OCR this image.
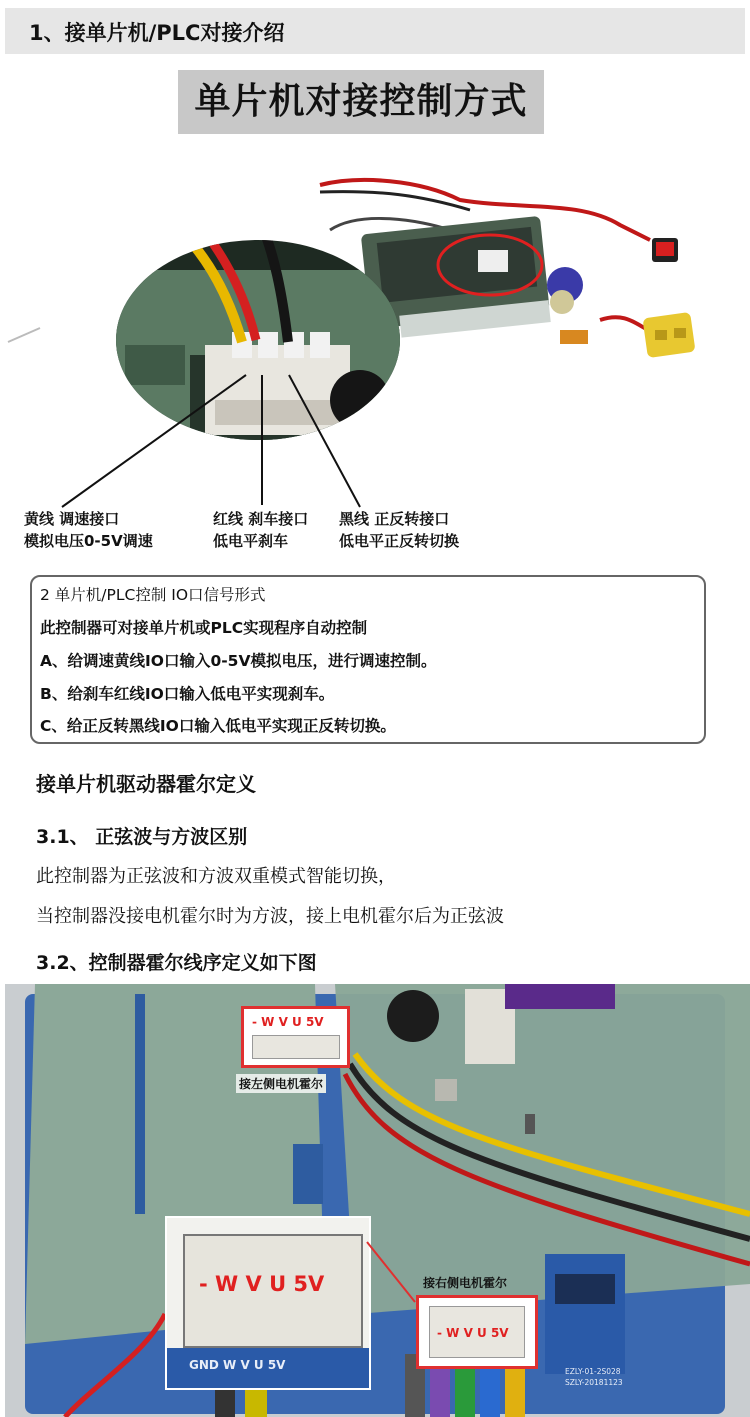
1、接单片机/PLC对接介绍
单片机对接控制方式
黄线 调速接口
模拟电压0-5V调速
红线 刹车接口
低电平刹车
黑线 正反转接口
低电平正反转切换
2 单片机/PLC控制 IO口信号形式
此控制器可对接单片机或PLC实现程序自动控制
A、给调速黄线IO口输入0-5V模拟电压，进行调速控制。
B、给刹车红线IO口输入低电平实现刹车。
C、给正反转黑线IO口输入低电平实现正反转切换。
接单片机驱动器霍尔定义
3.1、 正弦波与方波区别
此控制器为正弦波和方波双重模式智能切换，
当控制器没接电机霍尔时为方波，接上电机霍尔后为正弦波
3.2、控制器霍尔线序定义如下图
- W V U 5V
接左侧电机霍尔
- W V U 5V
GND W V U 5V
接右侧电机霍尔
- W V U 5V
EZLY-01-2S028
SZLY-20181123
